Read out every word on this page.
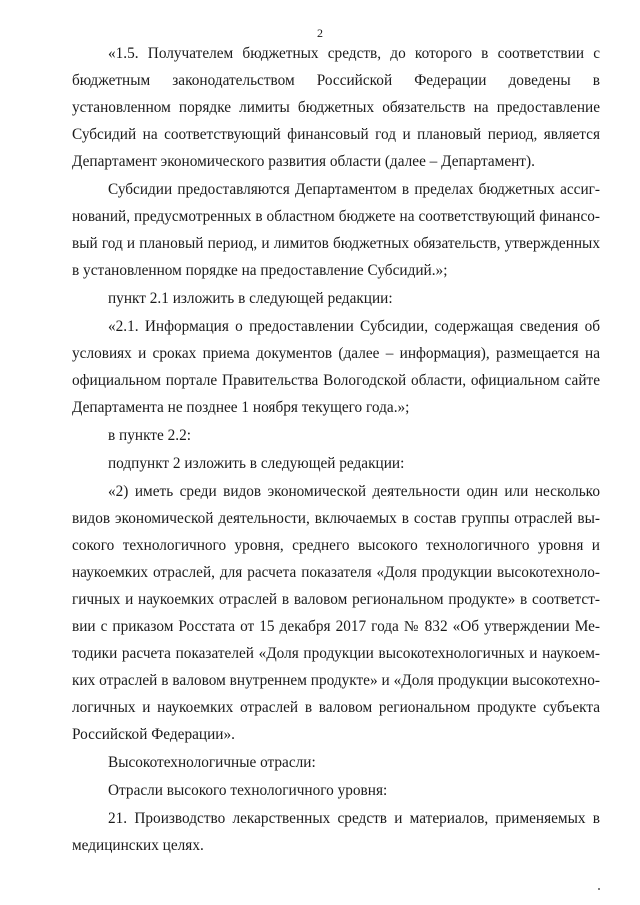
2
«1.5. Получателем бюджетных средств, до которого в соответствии с
бюджетным законодательством Российской Федерации доведены в
установленном порядке лимиты бюджетных обязательств на предоставление
Субсидий на соответствующий финансовый год и плановый период, является
Департамент экономического развития области (далее – Департамент).
Субсидии предоставляются Департаментом в пределах бюджетных ассиг-
нований, предусмотренных в областном бюджете на соответствующий финансо-
вый год и плановый период, и лимитов бюджетных обязательств, утвержденных
в установленном порядке на предоставление Субсидий.»;
пункт 2.1 изложить в следующей редакции:
«2.1. Информация о предоставлении Субсидии, содержащая сведения об
условиях и сроках приема документов (далее – информация), размещается на
официальном портале Правительства Вологодской области, официальном сайте
Департамента не позднее 1 ноября текущего года.»;
в пункте 2.2:
подпункт 2 изложить в следующей редакции:
«2) иметь среди видов экономической деятельности один или несколько
видов экономической деятельности, включаемых в состав группы отраслей вы-
сокого технологичного уровня, среднего высокого технологичного уровня и
наукоемких отраслей, для расчета показателя «Доля продукции высокотехноло-
гичных и наукоемких отраслей в валовом региональном продукте» в соответст-
вии с приказом Росстата от 15 декабря 2017 года № 832 «Об утверждении Ме-
тодики расчета показателей «Доля продукции высокотехнологичных и наукоем-
ких отраслей в валовом внутреннем продукте» и «Доля продукции высокотехно-
логичных и наукоемких отраслей в валовом региональном продукте субъекта
Российской Федерации».
Высокотехнологичные отрасли:
Отрасли высокого технологичного уровня:
21. Производство лекарственных средств и материалов, применяемых в
медицинских целях.
